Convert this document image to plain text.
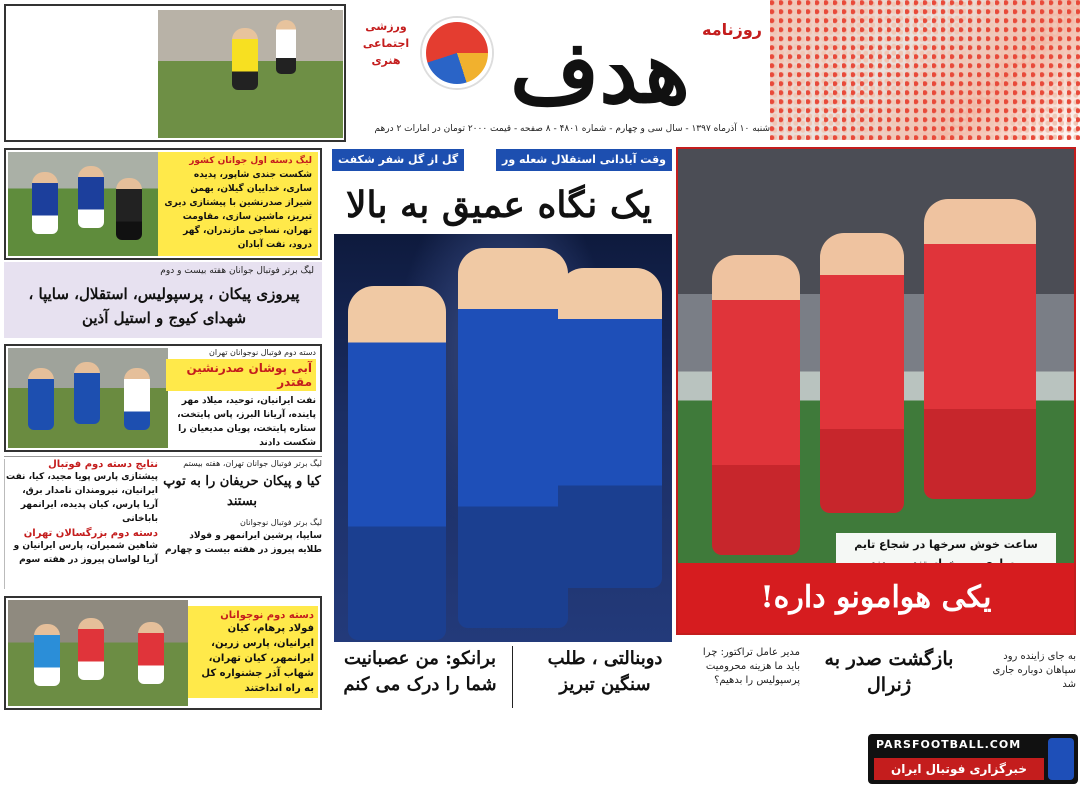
روزنامه
هدف
ورزشی
اجتماعی
هنری
شنبه ۱۰ آذرماه ۱۳۹۷ - سال سی و چهارم - شماره ۴۸۰۱ - ۸ صفحه - قیمت ۲۰۰۰ تومان در امارات ۲ درهم
لیگ دسته اول جوانان کشور
شکست جندی شاپور، پدیده ساری، خداییان گیلان، بهمن شیراز صدرنشین با پیشتازی دیری تبریز، ماشین سازی، مقاومت تهران، نساجی مازندران، گهر درود، نفت آبادان
لیگ برتر فوتبال جوانان هفته بیست و دوم
پیروزی پیکان ، پرسپولیس، استقلال، سایپا ، شهدای کیوج و استیل آذین
دسته دوم فوتبال نوجوانان تهران
آبی پوشان صدرنشین مقتدر
نفت ایرانیان، توحید، میلاد مهر پاینده، آریانا البرز، پاس پایتخت، ستاره پایتخت، پویان مدیعیان را شکست دادند
لیگ برتر فوتبال جوانان تهران، هفته بیستم
کیا و پیکان حریفان را به توپ بستند
لیگ برتر فوتبال نوجوانان
سایپا، پرشین ایرانمهر و فولاد طلایه پیروز در هفته بیست و چهارم
نتایج دسته دوم فوتبال
پیشتازی پارس پویا مجید، کیا، نفت ایرانیان، نیرومندان نامدار برق، آریا پارس، کیان پدیده، ایرانمهر باباخانی
دسته دوم بزرگسالان تهران
شاهین شمیران، پارس ایرانیان و آریا لواسان پیروز در هفته سوم
دسته دوم نوجوانان
فولاد پرهام، کیان ایرانیان، پارس زرین، ایرانمهر، کیان تهران، شهاب آذر جشنواره کل به راه انداختند
وقت آبادانی استقلال شعله ور
گل از گل شفر شکفت
یک نگاه عمیق به بالا
برانکو: من عصبانیت شما را درک می کنم
دوبنالتی ، طلب سنگین تبریز
ساعت خوش سرخها در شجاع تایم
یکی هوامونو داره!
مدیر عامل تراکتور: چرا باید ما هزینه محرومیت پرسپولیس را بدهیم؟
بازگشت صدر به ژنرال
به جای زاینده رود سپاهان دوباره جاری شد
PARSFOOTBALL.COM
خبرگزاری فوتبال ایران
